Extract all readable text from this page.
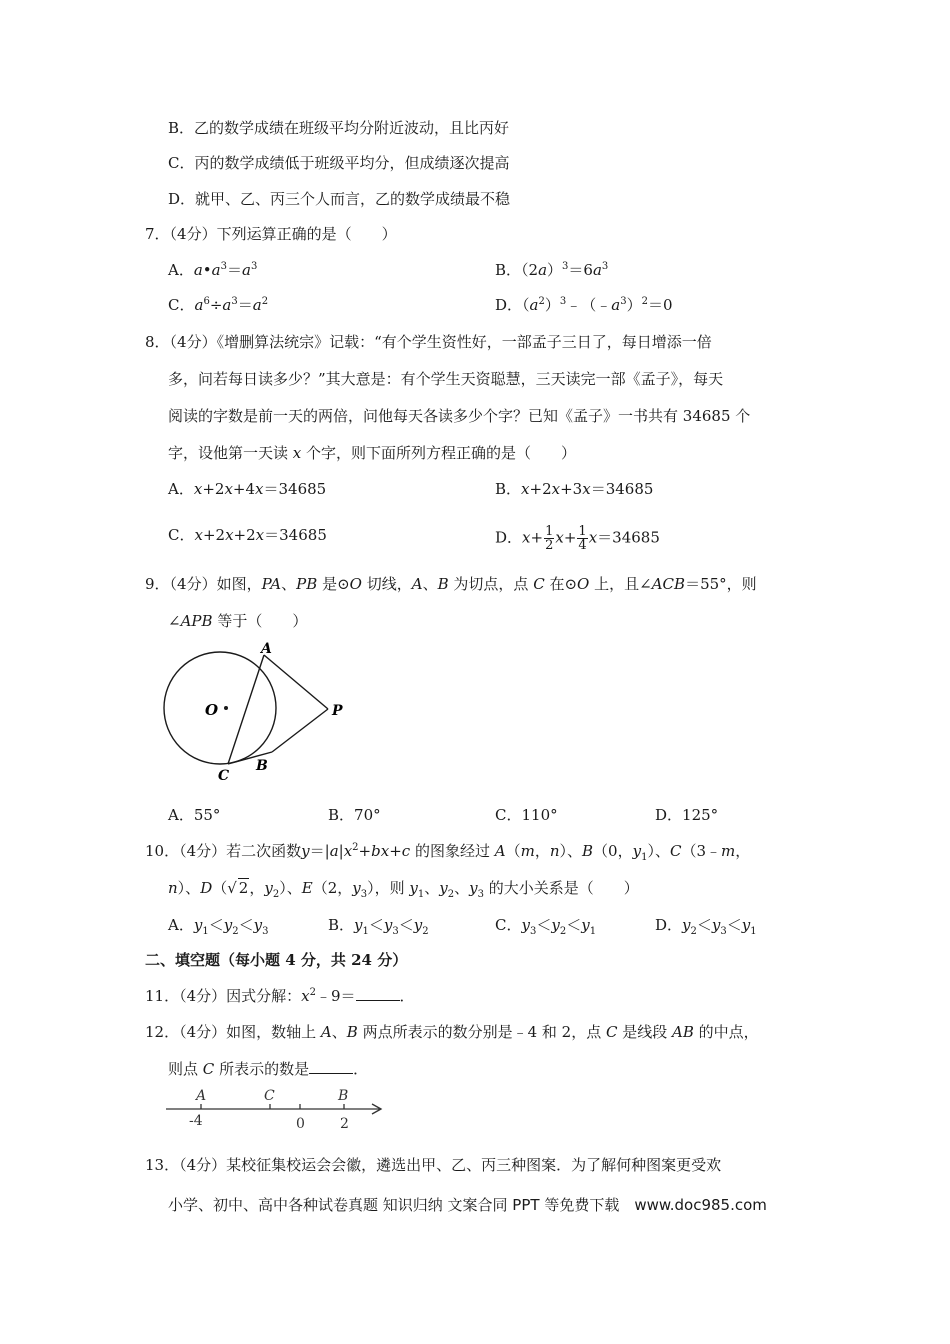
B．乙的数学成绩在班级平均分附近波动，且比丙好
C．丙的数学成绩低于班级平均分，但成绩逐次提高
D．就甲、乙、丙三个人而言，乙的数学成绩最不稳
7．（4分）下列运算正确的是（　　）
A．$a•a^3=a^3$	B．$(2a)^3=6a^3$
C．$a^6\div a^3=a^2$	D．$(a^2)^3﹣(﹣a^3)^2=0$
8．（4分）《增删算法统宗》记载：“有个学生资性好，一部孟子三日了，每日增添一倍
多，问若每日读多少？”其大意是：有个学生天资聪慧，三天读完一部《孟子》，每天
阅读的字数是前一天的两倍，问他每天各读多少个字？已知《孟子》一书共有 34685 个
字，设他第一天读 x 个字，则下面所列方程正确的是（　　）
A．x+2x+4x＝34685	B．x+2x+3x＝34685
C．x+2x+2x＝34685	D．$x+ \frac{1}{2} x+ \frac{1}{4} x=34685$
9．（4分）如图，PA、PB 是⊙O 切线，A、B 为切点，点 C 在⊙O 上，且∠ACB＝55°，则
∠APB 等于（　　）
A
O	P
C
B
A．55°	B．70°	C．110°	D．125°
10．（4分）若二次函数$y=|a|x^2+bx+c$ 的图象经过 A（m，n）、B（0，$y_1$）、C（3﹣m，
n）、D（√ 2，$y_2$）、E（2，$y_3$），则 $y_1$、$y_2$、$y_3$ 的大小关系是（　　）
A．$y_1<y_2<y_3$	B．$y_1<y_3<y_2$	C．$y_3<y_2<y_1$	D．$y_2<y_3<y_1$
二、填空题（每小题 4 分，共 24 分）
11．（4分）因式分解：$x^2﹣9=$	．
12．（4分）如图，数轴上 A、B 两点所表示的数分别是﹣4 和 2，点 C 是线段 AB 的中点，
则点 C 所表示的数是	．
A	C	B
-4	0	2
13．（4分）某校征集校运会会徽，遴选出甲、乙、丙三种图案．为了解何种图案更受欢
小学、初中、高中各种试卷真题 知识归纳 文案合同 PPT 等免费下载　www.doc985.com
